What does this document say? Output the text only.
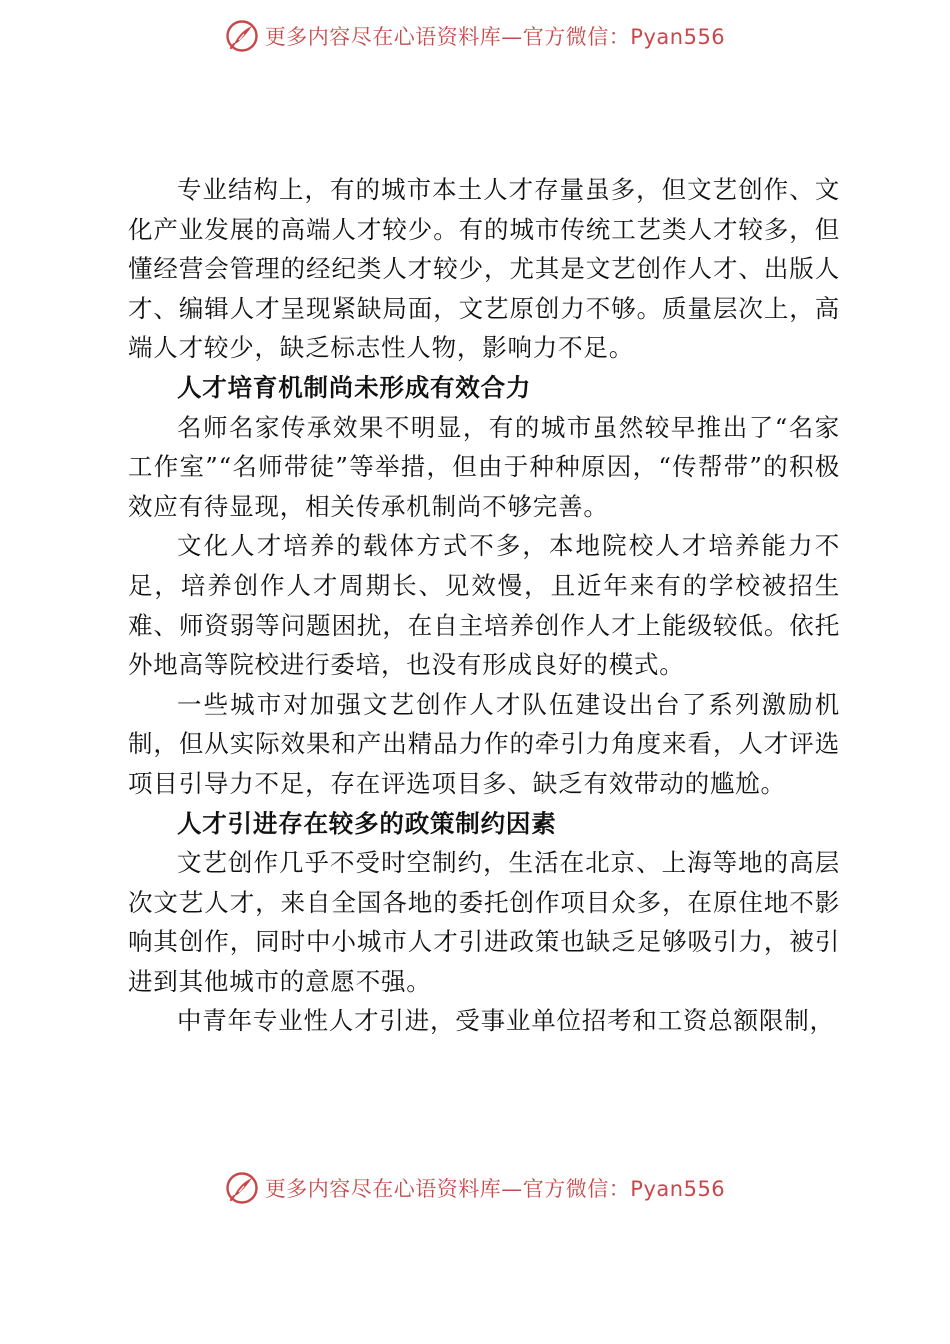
更多内容尽在心语资料库—官方微信：Pyan556

专业结构上，有的城市本土人才存量虽多，但文艺创作、文化产业发展的高端人才较少。有的城市传统工艺类人才较多，但懂经营会管理的经纪类人才较少，尤其是文艺创作人才、出版人才、编辑人才呈现紧缺局面，文艺原创力不够。质量层次上，高端人才较少，缺乏标志性人物，影响力不足。

人才培育机制尚未形成有效合力

名师名家传承效果不明显，有的城市虽然较早推出了“名家工作室”“名师带徒”等举措，但由于种种原因，“传帮带”的积极效应有待显现，相关传承机制尚不够完善。

文化人才培养的载体方式不多，本地院校人才培养能力不足，培养创作人才周期长、见效慢，且近年来有的学校被招生难、师资弱等问题困扰，在自主培养创作人才上能级较低。依托外地高等院校进行委培，也没有形成良好的模式。

一些城市对加强文艺创作人才队伍建设出台了系列激励机制，但从实际效果和产出精品力作的牵引力角度来看，人才评选项目引导力不足，存在评选项目多、缺乏有效带动的尴尬。

人才引进存在较多的政策制约因素

文艺创作几乎不受时空制约，生活在北京、上海等地的高层次文艺人才，来自全国各地的委托创作项目众多，在原住地不影响其创作，同时中小城市人才引进政策也缺乏足够吸引力，被引进到其他城市的意愿不强。

中青年专业性人才引进，受事业单位招考和工资总额限制，

更多内容尽在心语资料库—官方微信：Pyan556
